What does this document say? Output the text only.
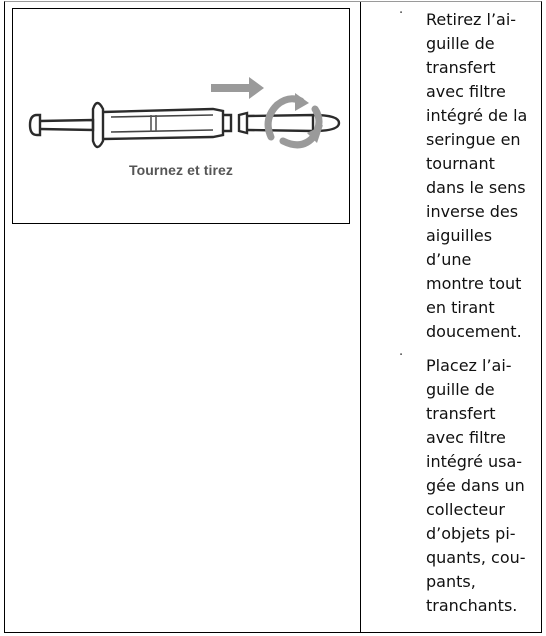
Tournez et tirez
· Retirez l’ai-
guille de
transfert
avec filtre
intégré de la
seringue en
tournant
dans le sens
inverse des
aiguilles
d’une
montre tout
en tirant
doucement.
·
Placez l’ai-
guille de
transfert
avec filtre
intégré usa-
gée dans un
collecteur
d’objets pi-
quants, cou-
pants,
tranchants.
